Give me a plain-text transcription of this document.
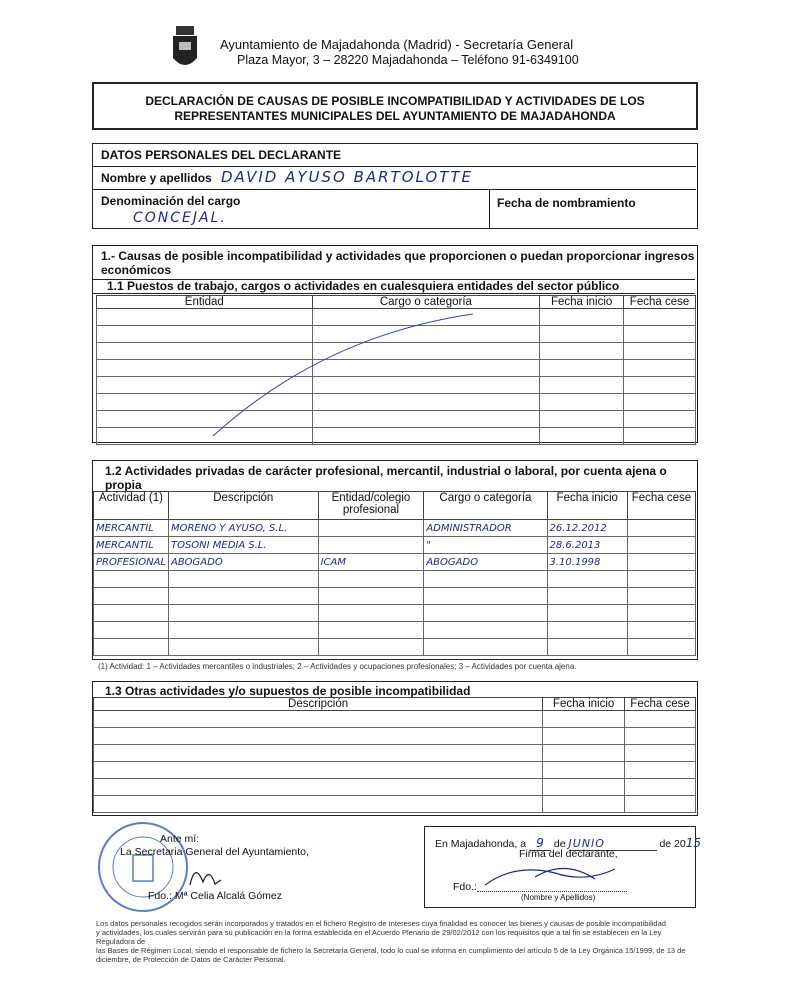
Ayuntamiento de Majadahonda (Madrid) - Secretaría General
Plaza Mayor, 3 – 28220 Majadahonda – Teléfono 91-6349100
DECLARACIÓN DE CAUSAS DE POSIBLE INCOMPATIBILIDAD Y ACTIVIDADES DE LOS
REPRESENTANTES MUNICIPALES DEL AYUNTAMIENTO DE MAJADAHONDA
DATOS PERSONALES DEL DECLARANTE
Nombre y apellidos DAVID AYUSO BARTOLOTTE
Denominación del cargo
CONCEJAL.
Fecha de nombramiento
1.- Causas de posible incompatibilidad y actividades que proporcionen o puedan proporcionar ingresos
económicos
1.1 Puestos de trabajo, cargos o actividades en cualesquiera entidades del sector público
Entidad	Cargo o categoría	Fecha inicio	Fecha cese

1.2 Actividades privadas de carácter profesional, mercantil, industrial o laboral, por cuenta ajena o
propia
Actividad (1)	Descripción	Entidad/colegio profesional	Cargo o categoría	Fecha inicio	Fecha cese
MERCANTIL	MORENO Y AYUSO, S.L.		ADMINISTRADOR	26.12.2012	
MERCANTIL	TOSONI MEDIA S.L.		"	28.6.2013	
PROFESIONAL	ABOGADO	ICAM	ABOGADO	3.10.1998	

(1) Actividad: 1 – Actividades mercantiles o industriales; 2 – Actividades y ocupaciones profesionales; 3 – Actividades por cuenta ajena.
1.3 Otras actividades y/o supuestos de posible incompatibilidad
Descripción	Fecha inicio	Fecha cese

Ante mí:
La Secretaria General del Ayuntamiento,
Fdo.: Mª Celia Alcalá Gómez
En Majadahonda, a 9 de JUNIO	de 2015
Firma del declarante,
Fdo.:
(Nombre y Apellidos)
Los datos personales recogidos serán incorporados y tratados en el fichero Registro de Intereses cuya finalidad es conocer las bienes y causas de posible incompatibilidad
y actividades, los cuales servirán para su publicación en la forma establecida en el Acuerdo Plenario de 29/02/2012 con los requisitos que a tal fin se establecen en la Ley Reguladora de
las Bases de Régimen Local, siendo el responsable de fichero la Secretaría General, todo lo cual se informa en cumplimiento del artículo 5 de la Ley Orgánica 15/1999, de 13 de
diciembre, de Protección de Datos de Carácter Personal.
